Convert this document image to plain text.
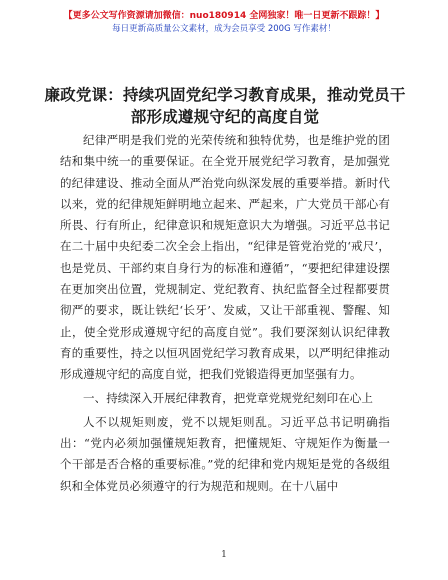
【更多公文写作资源请加微信：nuo180914 全网独家！唯一日更新不跟踪！】
每日更新高质量公文素材，成为会员享受 200G 写作素材！
廉政党课：持续巩固党纪学习教育成果，推动党员干部形成遵规守纪的高度自觉

纪律严明是我们党的光荣传统和独特优势，也是维护党的团结和集中统一的重要保证。在全党开展党纪学习教育，是加强党的纪律建设、推动全面从严治党向纵深发展的重要举措。新时代以来，党的纪律规矩鲜明地立起来、严起来，广大党员干部心有所畏、行有所止，纪律意识和规矩意识大为增强。习近平总书记在二十届中央纪委二次全会上指出，“纪律是管党治党的‘戒尺’，也是党员、干部约束自身行为的标准和遵循”，“要把纪律建设摆在更加突出位置，党规制定、党纪教育、执纪监督全过程都要贯彻严的要求，既让铁纪‘长牙’、发威，又让干部重视、警醒、知止，使全党形成遵规守纪的高度自觉”。我们要深刻认识纪律教育的重要性，持之以恒巩固党纪学习教育成果，以严明纪律推动形成遵规守纪的高度自觉，把我们党锻造得更加坚强有力。

一、持续深入开展纪律教育，把党章党规党纪刻印在心上

人不以规矩则废，党不以规矩则乱。习近平总书记明确指出：“党内必须加强懂规矩教育，把懂规矩、守规矩作为衡量一个干部是否合格的重要标准。”党的纪律和党内规矩是党的各级组织和全体党员必须遵守的行为规范和规则。在十八届中

1
